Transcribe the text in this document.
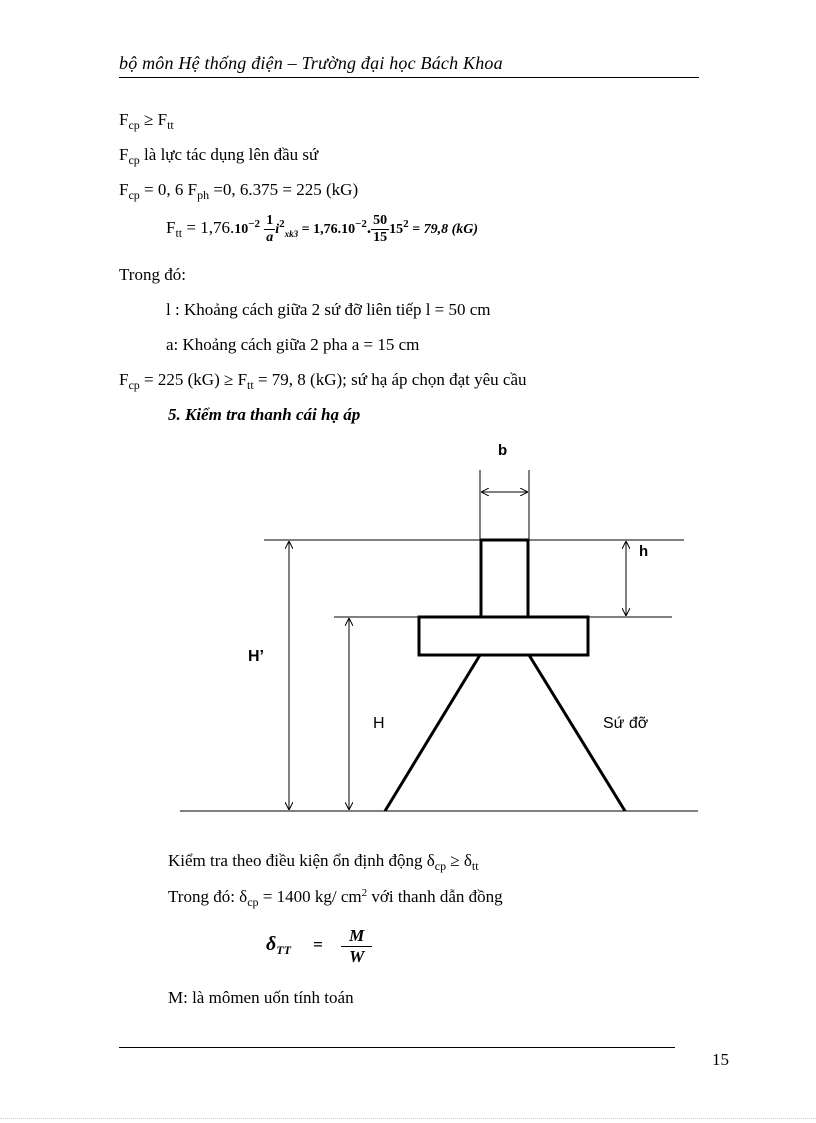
bộ môn Hệ thống điện – Trường đại học Bách Khoa
$F_{cp} \ge F_{tt}$
$F_{cp}$ là lực tác dụng lên đầu sứ
$F_{cp} = 0$, 6 $F_{ph} =0$, 6.375 = 225 (kG)
$F_{tt} = 1,76.10^{-2} \frac{1}{a} i^2_{xk3} = 1,76.10^{-2}$. $\frac{50}{15} 15^2 = 79,8$ (kG)
Trong đó:
l : Khoảng cách giữa 2 sứ đỡ liên tiếp l = 50 cm
a: Khoảng cách giữa 2 pha a = 15 cm
$F_{cp} = 225$ $(kG) \ge F_{tt} = 79$, 8 (kG); sứ hạ áp chọn đạt yêu cầu
5. Kiểm tra thanh cái hạ áp
b
h
H’
H	Sứ đỡ
Kiểm tra theo điều kiện ổn định động $\delta_{cp} \ge \delta_{tt}$
Trong đó: $\delta_{cp} = 1400$ kg/ $cm^2$ với thanh dẫn đồng
$\delta_{TT} = \frac{M}{W}$
M: là mômen uốn tính toán
15
